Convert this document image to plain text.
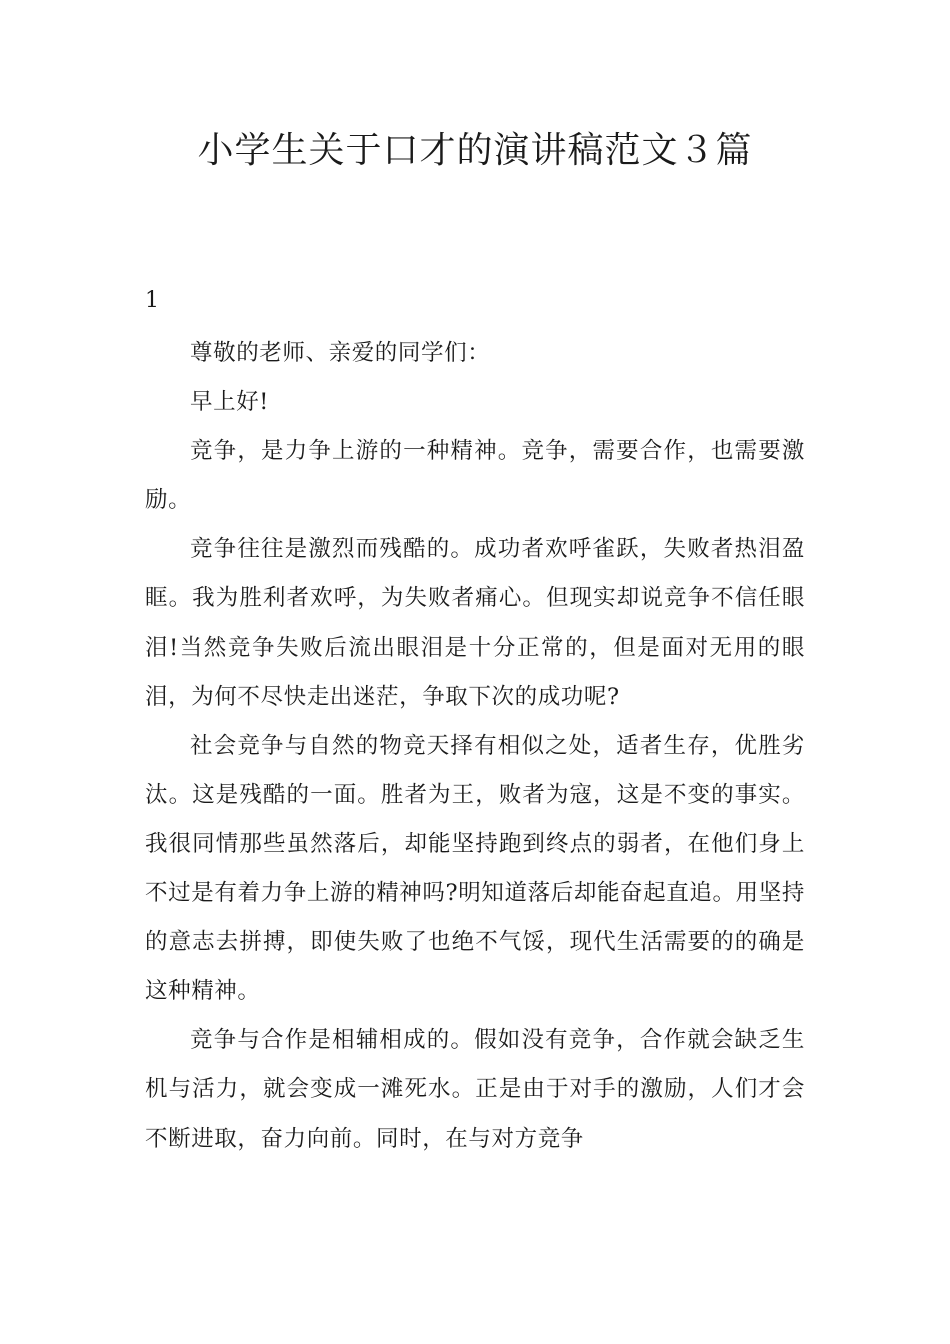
小学生关于口才的演讲稿范文３篇

1

尊敬的老师、亲爱的同学们：

早上好!

竞争，是力争上游的一种精神。竞争，需要合作，也需要激励。

竞争往往是激烈而残酷的。成功者欢呼雀跃，失败者热泪盈眶。我为胜利者欢呼，为失败者痛心。但现实却说竞争不信任眼泪!当然竞争失败后流出眼泪是十分正常的，但是面对无用的眼泪，为何不尽快走出迷茫，争取下次的成功呢?

社会竞争与自然的物竞天择有相似之处，适者生存，优胜劣汰。这是残酷的一面。胜者为王，败者为寇，这是不变的事实。我很同情那些虽然落后，却能坚持跑到终点的弱者，在他们身上不过是有着力争上游的精神吗?明知道落后却能奋起直追。用坚持的意志去拼搏，即使失败了也绝不气馁，现代生活需要的的确是这种精神。

竞争与合作是相辅相成的。假如没有竞争，合作就会缺乏生机与活力，就会变成一滩死水。正是由于对手的激励，人们才会不断进取，奋力向前。同时，在与对方竞争
